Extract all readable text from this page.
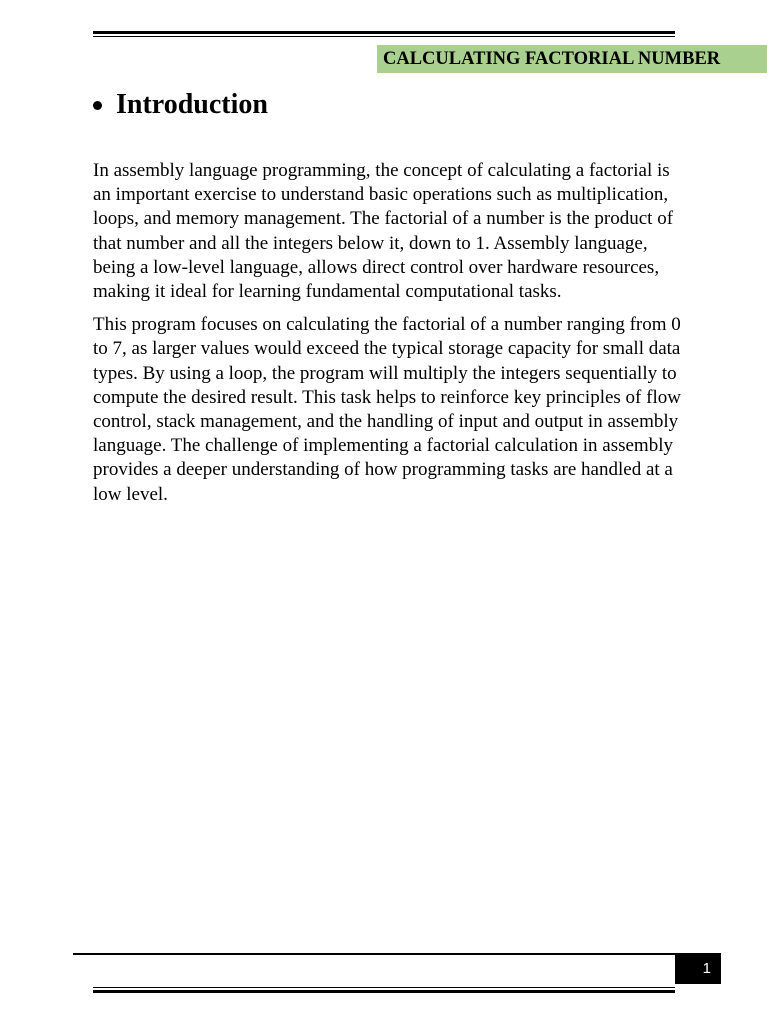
CALCULATING FACTORIAL NUMBER
Introduction

In assembly language programming, the concept of calculating a factorial is an important exercise to understand basic operations such as multiplication, loops, and memory management. The factorial of a number is the product of that number and all the integers below it, down to 1. Assembly language, being a low-level language, allows direct control over hardware resources, making it ideal for learning fundamental computational tasks.

This program focuses on calculating the factorial of a number ranging from 0 to 7, as larger values would exceed the typical storage capacity for small data types. By using a loop, the program will multiply the integers sequentially to compute the desired result. This task helps to reinforce key principles of flow control, stack management, and the handling of input and output in assembly language. The challenge of implementing a factorial calculation in assembly provides a deeper understanding of how programming tasks are handled at a low level.

1
